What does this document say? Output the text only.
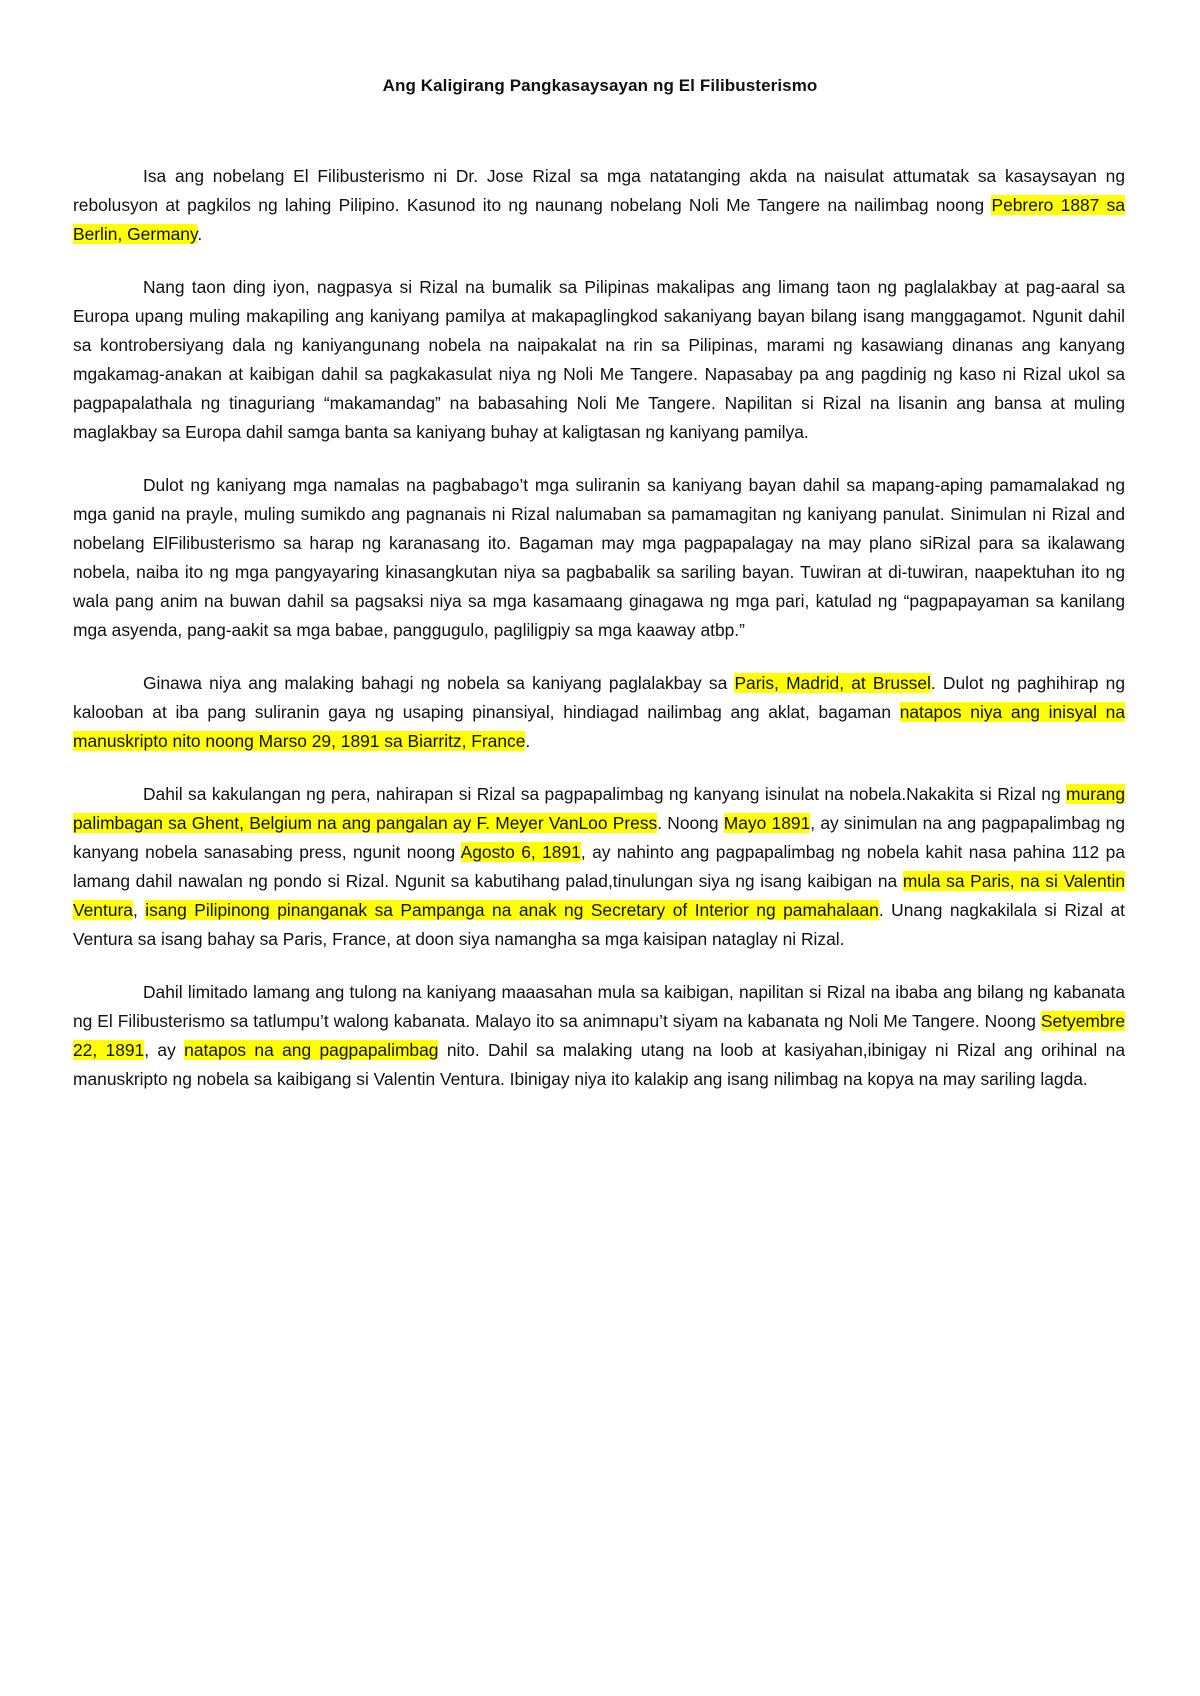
Ang Kaligirang Pangkasaysayan ng El Filibusterismo

Isa ang nobelang El Filibusterismo ni Dr. Jose Rizal sa mga natatanging akda na naisulat attumatak sa kasaysayan ng rebolusyon at pagkilos ng lahing Pilipino. Kasunod ito ng naunang nobelang Noli Me Tangere na nailimbag noong Pebrero 1887 sa Berlin, Germany.

Nang taon ding iyon, nagpasya si Rizal na bumalik sa Pilipinas makalipas ang limang taon ng paglalakbay at pag-aaral sa Europa upang muling makapiling ang kaniyang pamilya at makapaglingkod sakaniyang bayan bilang isang manggagamot. Ngunit dahil sa kontrobersiyang dala ng kaniyangunang nobela na naipakalat na rin sa Pilipinas, marami ng kasawiang dinanas ang kanyang mgakamag-anakan at kaibigan dahil sa pagkakasulat niya ng Noli Me Tangere. Napasabay pa ang pagdinig ng kaso ni Rizal ukol sa pagpapalathala ng tinaguriang “makamandag” na babasahing Noli Me Tangere. Napilitan si Rizal na lisanin ang bansa at muling maglakbay sa Europa dahil samga banta sa kaniyang buhay at kaligtasan ng kaniyang pamilya.

Dulot ng kaniyang mga namalas na pagbabago’t mga suliranin sa kaniyang bayan dahil sa mapang-aping pamamalakad ng mga ganid na prayle, muling sumikdo ang pagnanais ni Rizal nalumaban sa pamamagitan ng kaniyang panulat. Sinimulan ni Rizal and nobelang ElFilibusterismo sa harap ng karanasang ito. Bagaman may mga pagpapalagay na may plano siRizal para sa ikalawang nobela, naiba ito ng mga pangyayaring kinasangkutan niya sa pagbabalik sa sariling bayan. Tuwiran at di-tuwiran, naapektuhan ito ng wala pang anim na buwan dahil sa pagsaksi niya sa mga kasamaang ginagawa ng mga pari, katulad ng “pagpapayaman sa kanilang mga asyenda, pang-aakit sa mga babae, panggugulo, pagliligpiy sa mga kaaway atbp.”

Ginawa niya ang malaking bahagi ng nobela sa kaniyang paglalakbay sa Paris, Madrid, at Brussel. Dulot ng paghihirap ng kalooban at iba pang suliranin gaya ng usaping pinansiyal, hindiagad nailimbag ang aklat, bagaman natapos niya ang inisyal na manuskripto nito noong Marso 29, 1891 sa Biarritz, France.

Dahil sa kakulangan ng pera, nahirapan si Rizal sa pagpapalimbag ng kanyang isinulat na nobela.Nakakita si Rizal ng murang palimbagan sa Ghent, Belgium na ang pangalan ay F. Meyer VanLoo Press. Noong Mayo 1891, ay sinimulan na ang pagpapalimbag ng kanyang nobela sanasabing press, ngunit noong Agosto 6, 1891, ay nahinto ang pagpapalimbag ng nobela kahit nasa pahina 112 pa lamang dahil nawalan ng pondo si Rizal. Ngunit sa kabutihang palad,tinulungan siya ng isang kaibigan na mula sa Paris, na si Valentin Ventura, isang Pilipinong pinanganak sa Pampanga na anak ng Secretary of Interior ng pamahalaan. Unang nagkakilala si Rizal at Ventura sa isang bahay sa Paris, France, at doon siya namangha sa mga kaisipan nataglay ni Rizal.

Dahil limitado lamang ang tulong na kaniyang maaasahan mula sa kaibigan, napilitan si Rizal na ibaba ang bilang ng kabanata ng El Filibusterismo sa tatlumpu’t walong kabanata. Malayo ito sa animnapu’t siyam na kabanata ng Noli Me Tangere. Noong Setyembre 22, 1891, ay natapos na ang pagpapalimbag nito. Dahil sa malaking utang na loob at kasiyahan,ibinigay ni Rizal ang orihinal na manuskripto ng nobela sa kaibigang si Valentin Ventura. Ibinigay niya ito kalakip ang isang nilimbag na kopya na may sariling lagda.
